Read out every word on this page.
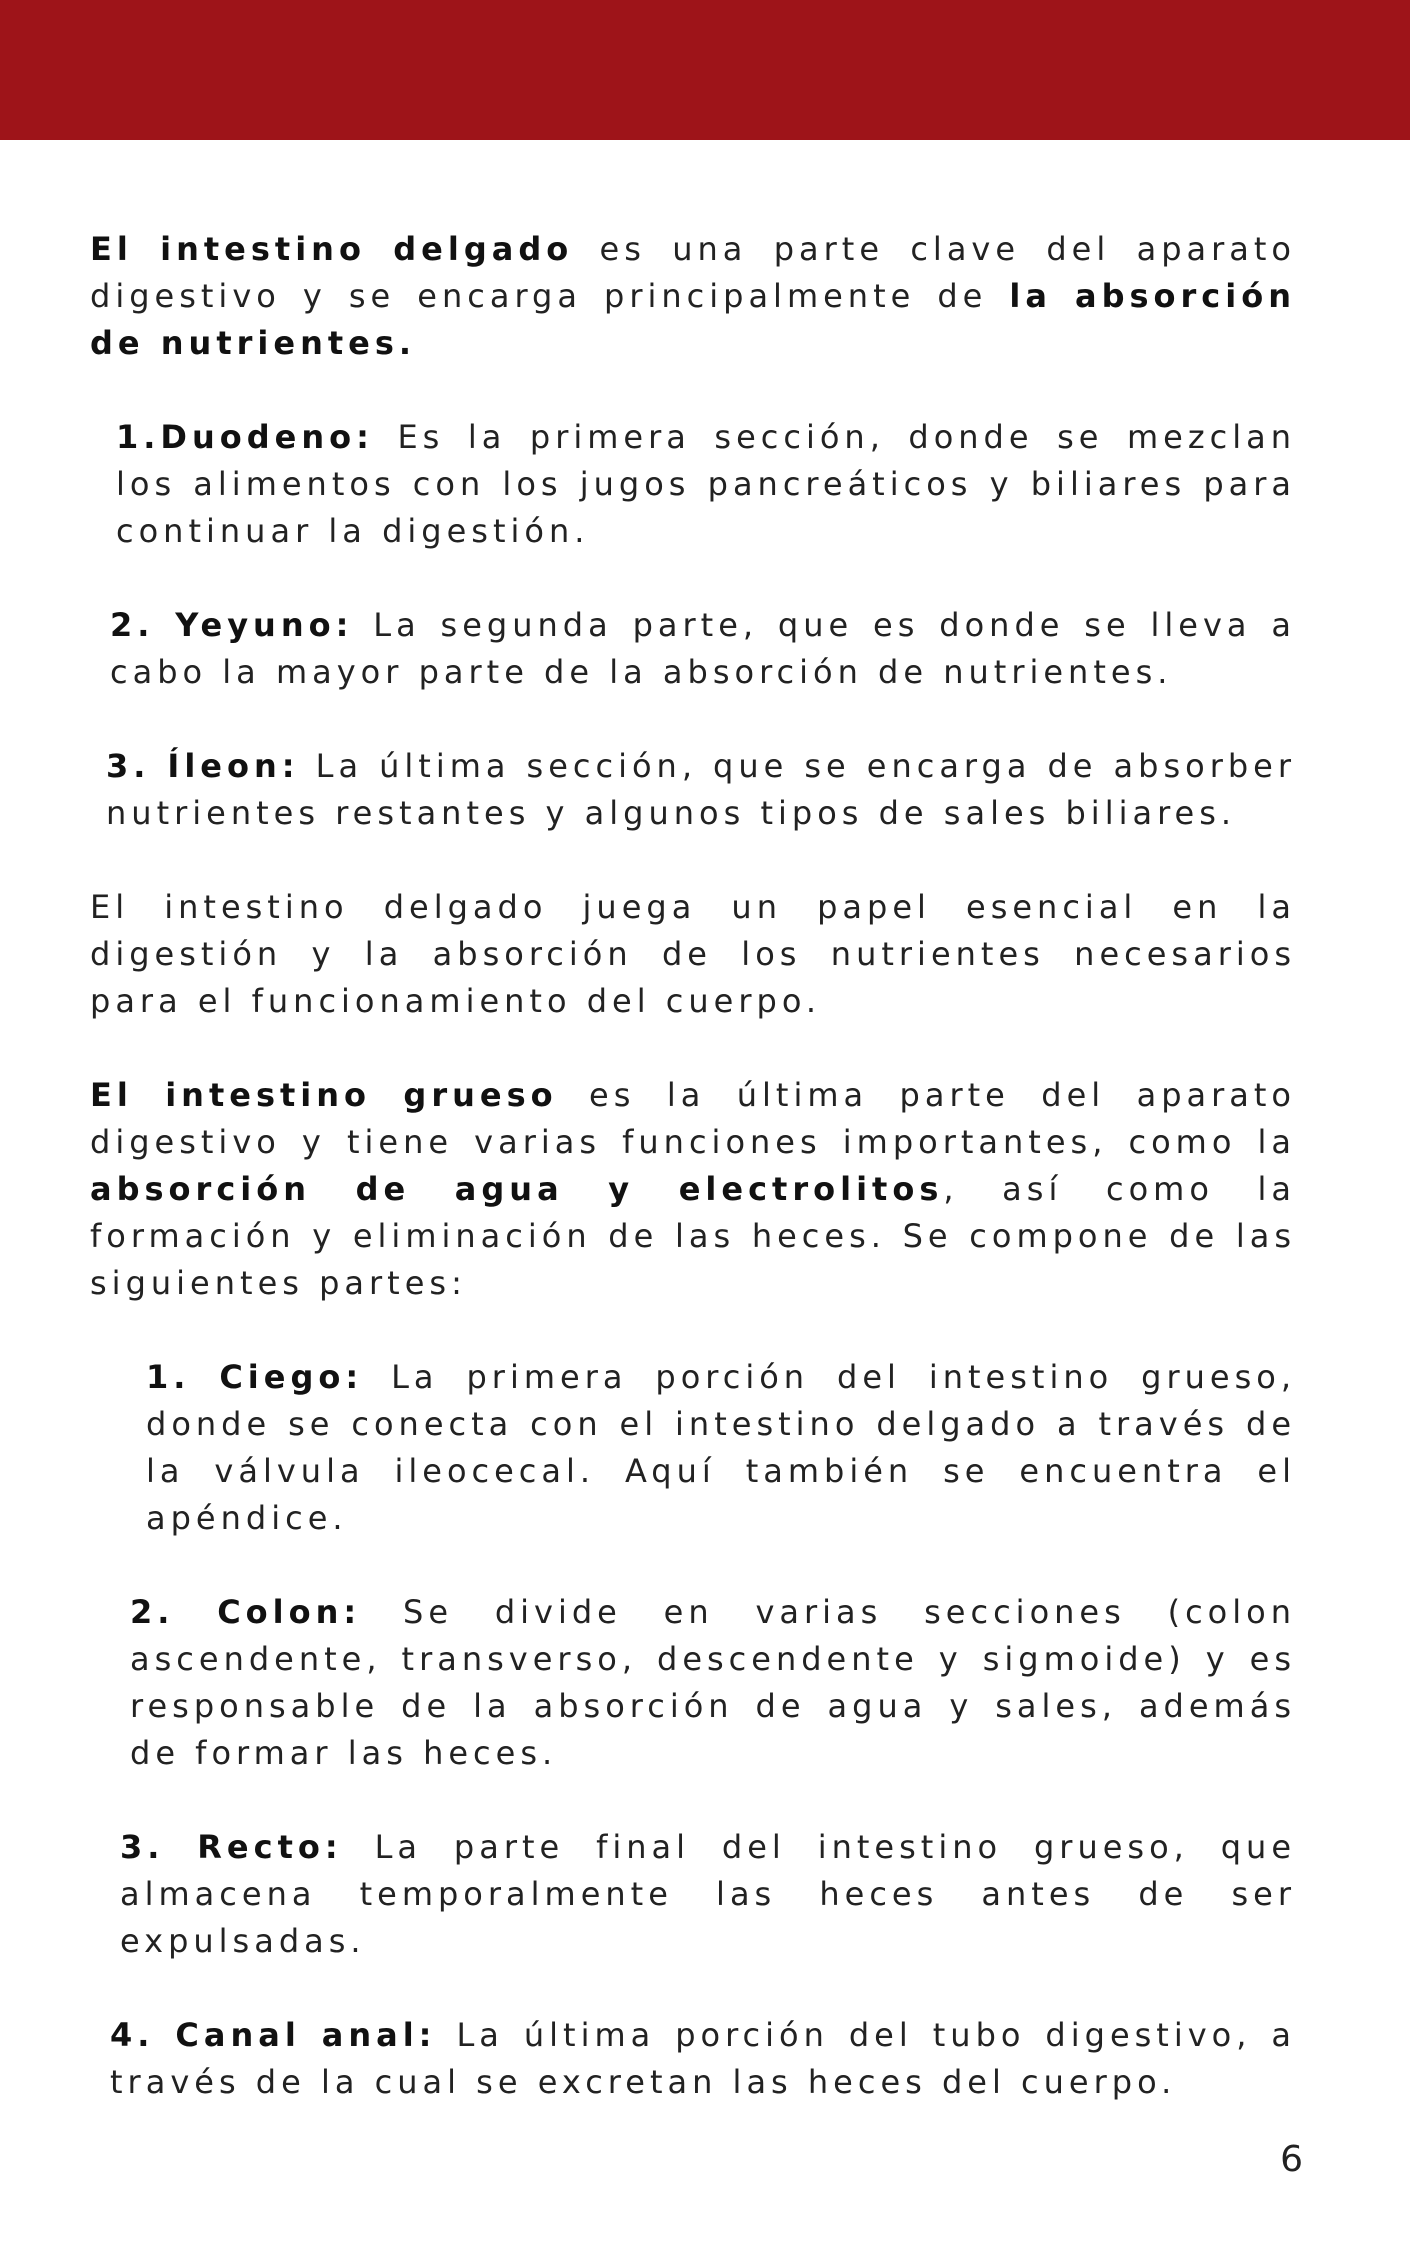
El intestino delgado es una parte clave del aparato digestivo y se encarga principalmente de la absorción de nutrientes.

1.Duodeno: Es la primera sección, donde se mezclan los alimentos con los jugos pancreáticos y biliares para continuar la digestión.

2. Yeyuno: La segunda parte, que es donde se lleva a cabo la mayor parte de la absorción de nutrientes.

3. Íleon: La última sección, que se encarga de absorber nutrientes restantes y algunos tipos de sales biliares.

El intestino delgado juega un papel esencial en la digestión y la absorción de los nutrientes necesarios para el funcionamiento del cuerpo.

El intestino grueso es la última parte del aparato digestivo y tiene varias funciones importantes, como la absorción de agua y electrolitos, así como la formación y eliminación de las heces. Se compone de las siguientes partes:

1. Ciego: La primera porción del intestino grueso, donde se conecta con el intestino delgado a través de la válvula ileocecal. Aquí también se encuentra el apéndice.

2. Colon: Se divide en varias secciones (colon ascendente, transverso, descendente y sigmoide) y es responsable de la absorción de agua y sales, además de formar las heces.

3. Recto: La parte final del intestino grueso, que almacena temporalmente las heces antes de ser expulsadas.

4. Canal anal: La última porción del tubo digestivo, a través de la cual se excretan las heces del cuerpo.

6
